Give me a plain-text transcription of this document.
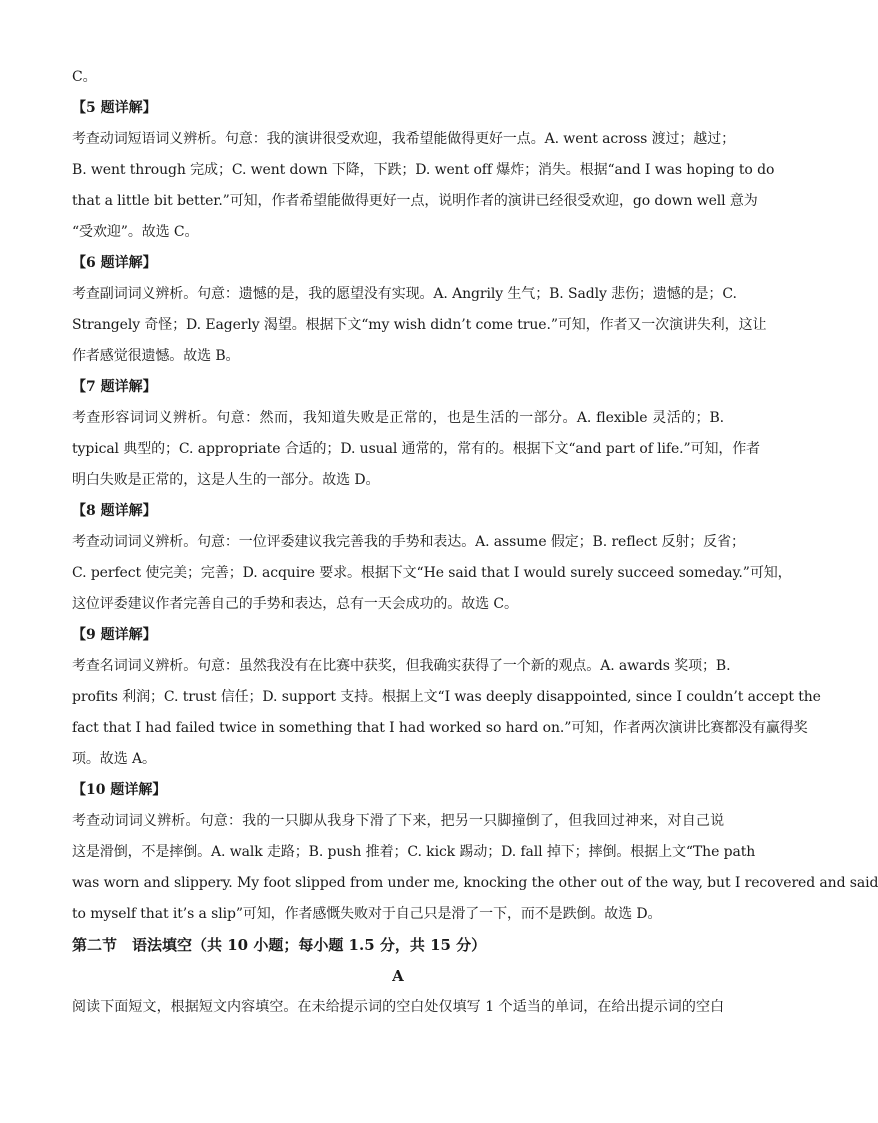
C。
【5 题详解】
考查动词短语词义辨析。句意：我的演讲很受欢迎，我希望能做得更好一点。A. went across 渡过；越过；
B. went through 完成；C. went down 下降，下跌；D. went off 爆炸；消失。根据“and I was hoping to do
that a little bit better.”可知，作者希望能做得更好一点，说明作者的演讲已经很受欢迎，go down well 意为
“受欢迎”。故选 C。
【6 题详解】
考查副词词义辨析。句意：遗憾的是，我的愿望没有实现。A. Angrily 生气；B. Sadly 悲伤；遗憾的是；C.
Strangely 奇怪；D. Eagerly 渴望。根据下文“my wish didn’t come true.”可知，作者又一次演讲失利，这让
作者感觉很遗憾。故选 B。
【7 题详解】
考查形容词词义辨析。句意：然而，我知道失败是正常的，也是生活的一部分。A. flexible 灵活的；B.
typical 典型的；C. appropriate 合适的；D. usual 通常的，常有的。根据下文“and part of life.”可知，作者
明白失败是正常的，这是人生的一部分。故选 D。
【8 题详解】
考查动词词义辨析。句意：一位评委建议我完善我的手势和表达。A. assume 假定；B. reflect 反射；反省；
C. perfect 使完美；完善；D. acquire 要求。根据下文“He said that I would surely succeed someday.”可知，
这位评委建议作者完善自己的手势和表达，总有一天会成功的。故选 C。
【9 题详解】
考查名词词义辨析。句意：虽然我没有在比赛中获奖，但我确实获得了一个新的观点。A. awards 奖项；B.
profits 利润；C. trust 信任；D. support 支持。根据上文“I was deeply disappointed, since I couldn’t accept the
fact that I had failed twice in something that I had worked so hard on.”可知，作者两次演讲比赛都没有赢得奖
项。故选 A。
【10 题详解】
考查动词词义辨析。句意：我的一只脚从我身下滑了下来，把另一只脚撞倒了，但我回过神来，对自己说
这是滑倒，不是摔倒。A. walk 走路；B. push 推着；C. kick 踢动；D. fall 掉下；摔倒。根据上文“The path
was worn and slippery. My foot slipped from under me, knocking the other out of the way, but I recovered and said
to myself that it’s a slip”可知，作者感慨失败对于自己只是滑了一下，而不是跌倒。故选 D。
第二节　语法填空（共 10 小题；每小题 1.5 分，共 15 分）
A
阅读下面短文，根据短文内容填空。在未给提示词的空白处仅填写 1 个适当的单词，在给出提示词的空白
